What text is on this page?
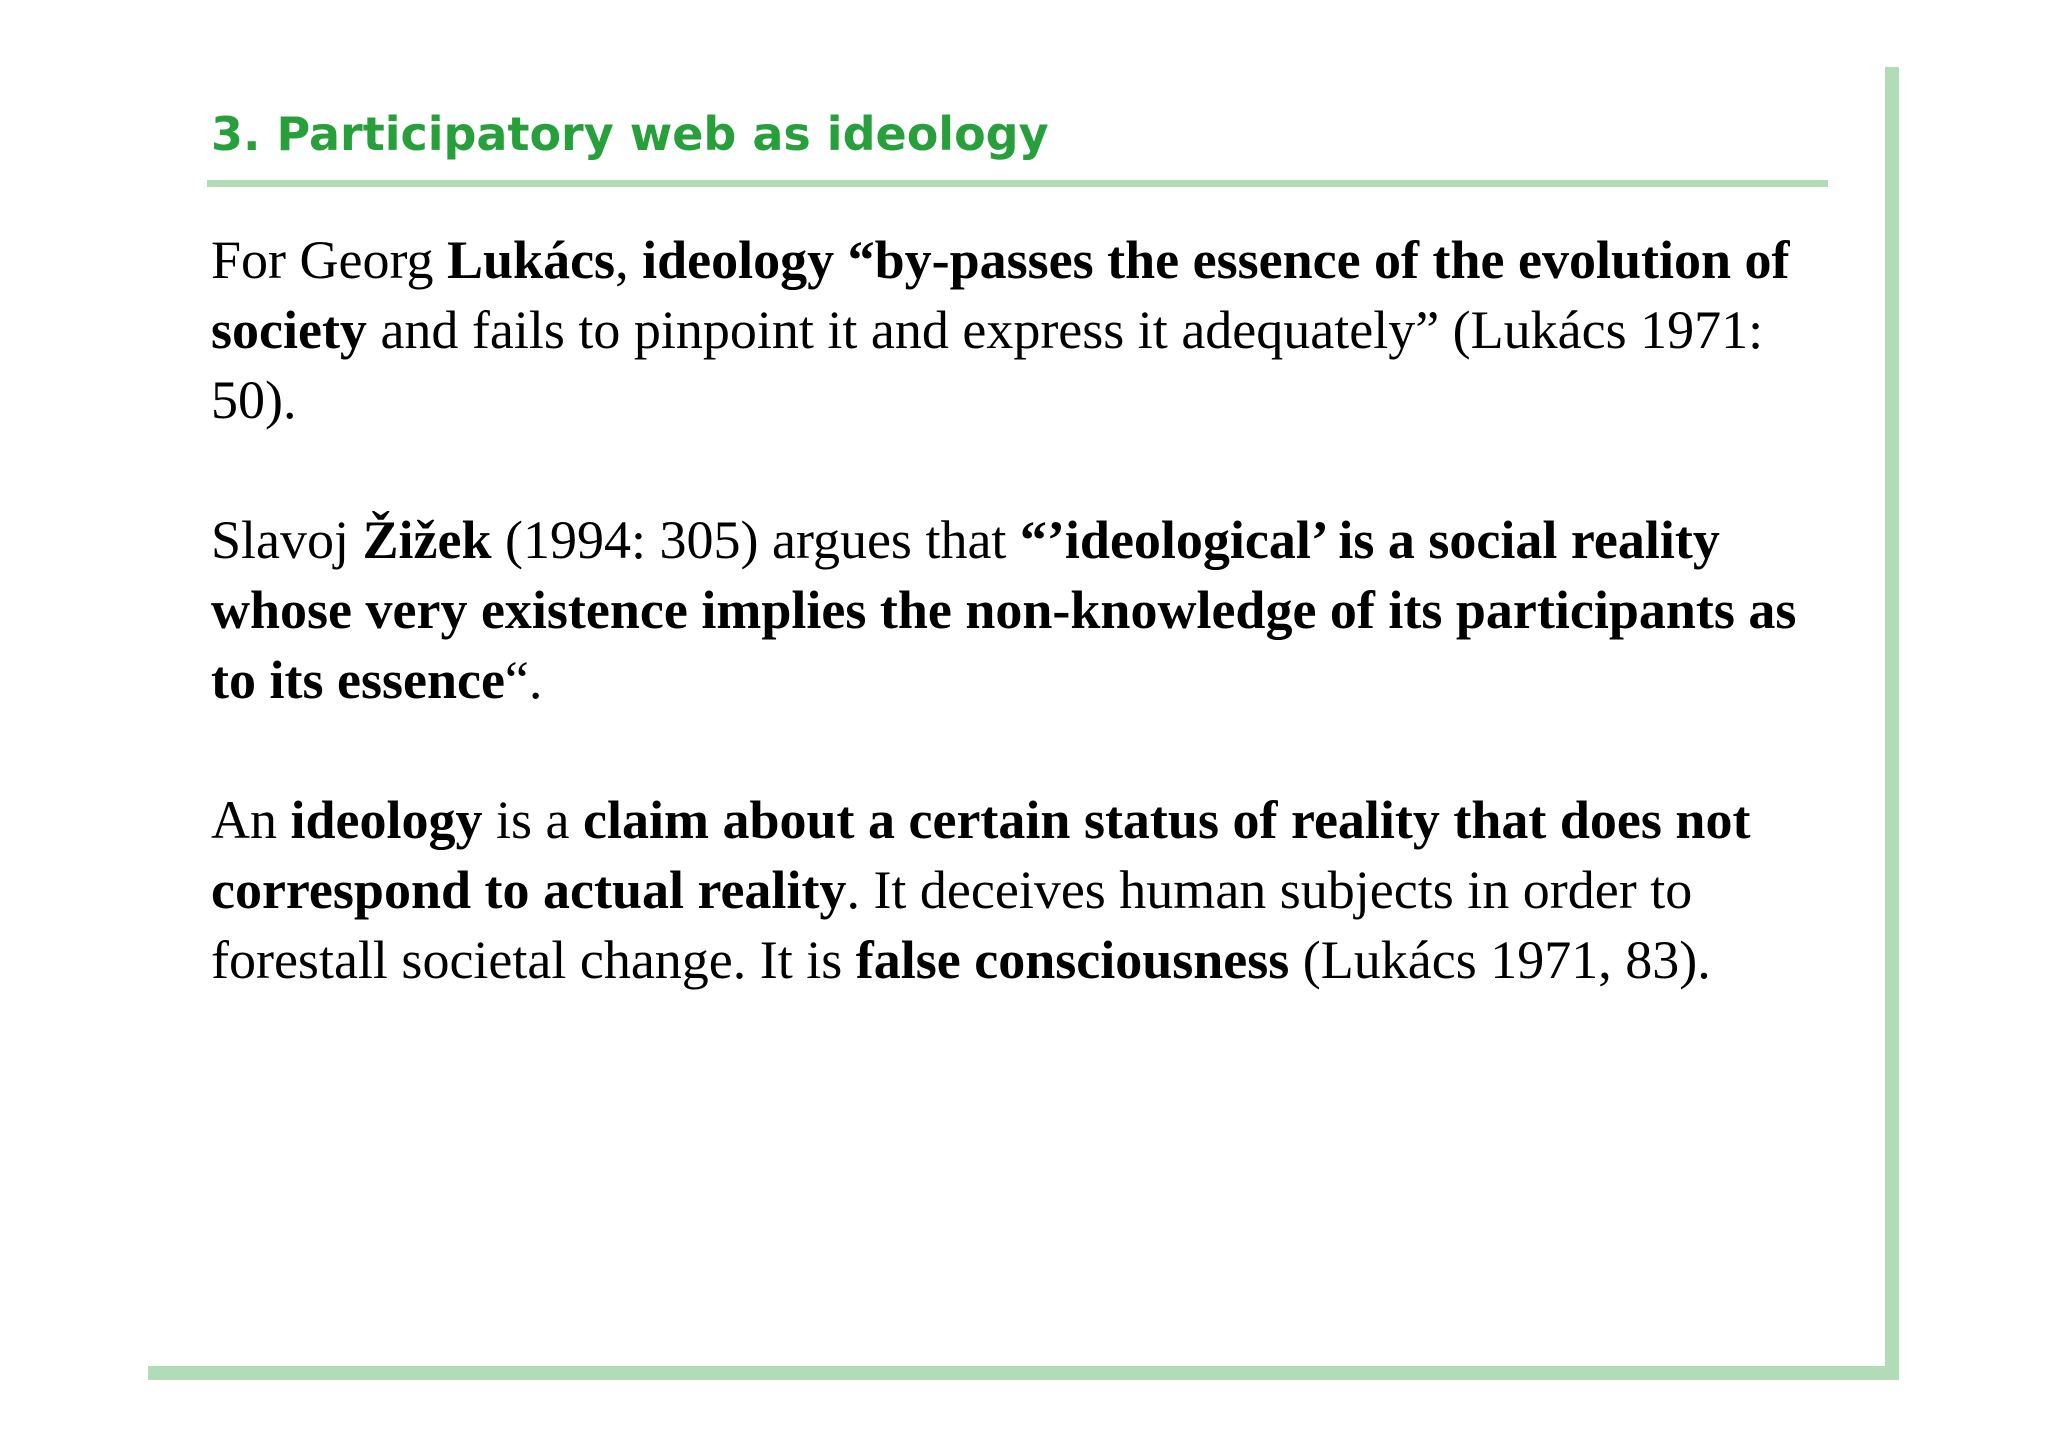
3. Participatory web as ideology

For Georg Lukács, ideology “by-passes the essence of the evolution of society and fails to pinpoint it and express it adequately” (Lukács 1971: 50).

Slavoj Žižek (1994: 305) argues that “’ideological’ is a social reality whose very existence implies the non-knowledge of its participants as to its essence“.

An ideology is a claim about a certain status of reality that does not correspond to actual reality. It deceives human subjects in order to forestall societal change. It is false consciousness (Lukács 1971, 83).
